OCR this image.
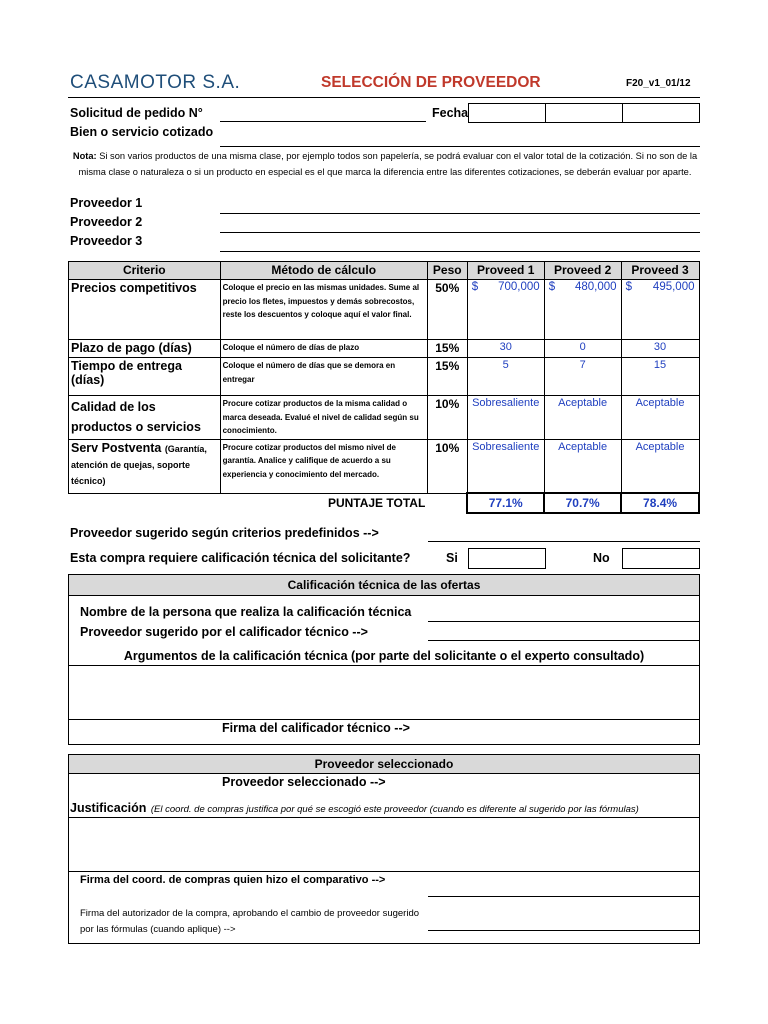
CASAMOTOR S.A.	SELECCIÓN DE PROVEEDOR	F20_v1_01/12
Solicitud de pedido N°	Fecha
Bien o servicio cotizado
Nota: Si son varios productos de una misma clase, por ejemplo todos son papelería, se podrá evaluar con el valor total de la cotización. Si no son de la misma clase o naturaleza o si un producto en especial es el que marca la diferencia entre las diferentes cotizaciones, se deberán evaluar por aparte.
Proveedor 1
Proveedor 2
Proveedor 3
Criterio	Método de cálculo	Peso	Proveed 1	Proveed 2	Proveed 3
Precios competitivos	Coloque el precio en las mismas unidades. Sume al precio los fletes, impuestos y demás sobrecostos, reste los descuentos y coloque aquí el valor final.	50%	$ 700,000	$ 480,000	$ 495,000

Plazo de pago (días)	Coloque el número de días de plazo	15%	30	0	30
Tiempo de entrega (días)	Coloque el número de días que se demora en entregar	15%	5	7	15
Calidad de los productos o servicios	Procure cotizar productos de la misma calidad o marca deseada. Evalué el nivel de calidad según su conocimiento.	10%	Sobresaliente	Aceptable	Aceptable
Serv Postventa (Garantía, atención de quejas, soporte técnico)	Procure cotizar productos del mismo nivel de garantía. Analice y califique de acuerdo a su experiencia y conocimiento del mercado.	10%	Sobresaliente	Aceptable	Aceptable
	PUNTAJE TOTAL		77.1%	70.7%	78.4%
Proveedor sugerido según criterios predefinidos -->
Esta compra requiere calificación técnica del solicitante?	Si	No
Calificación técnica de las ofertas
Nombre de la persona que realiza la calificación técnica
Proveedor sugerido por el calificador técnico -->
Argumentos de la calificación técnica (por parte del solicitante o el experto consultado)
Firma del calificador técnico -->
Proveedor seleccionado
Proveedor seleccionado -->
Justificación (El coord. de compras justifica por qué se escogió este proveedor (cuando es diferente al sugerido por las fórmulas)
Firma del coord. de compras quien hizo el comparativo -->
Firma del autorizador de la compra, aprobando el cambio de proveedor sugerido por las fórmulas (cuando aplique) -->
